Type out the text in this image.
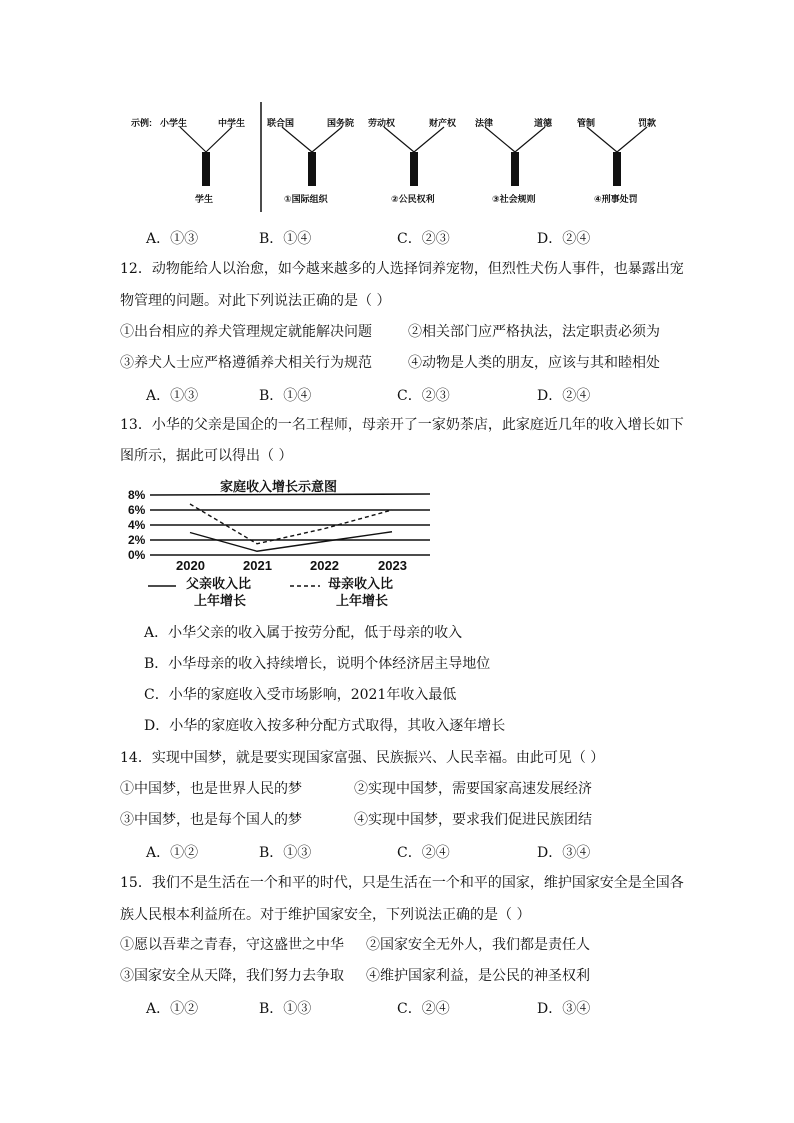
示例: 小学生	中学生
学生
联合国	国务院
①国际组织
劳动权	财产权
②公民权利
法律	道德
③社会规则
管制	罚款
④刑事处罚
A．①③	B．①④	C．②③	D．②④
12．动物能给人以治愈，如今越来越多的人选择饲养宠物，但烈性犬伤人事件，也暴露出宠
物管理的问题。对此下列说法正确的是（ ）
①出台相应的养犬管理规定就能解决问题	②相关部门应严格执法，法定职责必须为
③养犬人士应严格遵循养犬相关行为规范	④动物是人类的朋友，应该与其和睦相处
A．①③	B．①④	C．②③	D．②④
13．小华的父亲是国企的一名工程师，母亲开了一家奶茶店，此家庭近几年的收入增长如下
图所示，据此可以得出（ ）
家庭收入增长示意图
8%
6%
4%
2%
0%
2020	2021	2022	2023
父亲收入比
上年增长
母亲收入比
上年增长
A．小华父亲的收入属于按劳分配，低于母亲的收入
B．小华母亲的收入持续增长，说明个体经济居主导地位
C．小华的家庭收入受市场影响，2021年收入最低
D．小华的家庭收入按多种分配方式取得，其收入逐年增长
14．实现中国梦，就是要实现国家富强、民族振兴、人民幸福。由此可见（ ）
①中国梦，也是世界人民的梦	②实现中国梦，需要国家高速发展经济
③中国梦，也是每个国人的梦	④实现中国梦，要求我们促进民族团结
A．①②	B．①③	C．②④	D．③④
15．我们不是生活在一个和平的时代，只是生活在一个和平的国家，维护国家安全是全国各
族人民根本利益所在。对于维护国家安全，下列说法正确的是（ ）
①愿以吾辈之青春，守这盛世之中华 ②国家安全无外人，我们都是责任人
③国家安全从天降，我们努力去争取 ④维护国家利益，是公民的神圣权利
A．①②	B．①③	C．②④	D．③④
